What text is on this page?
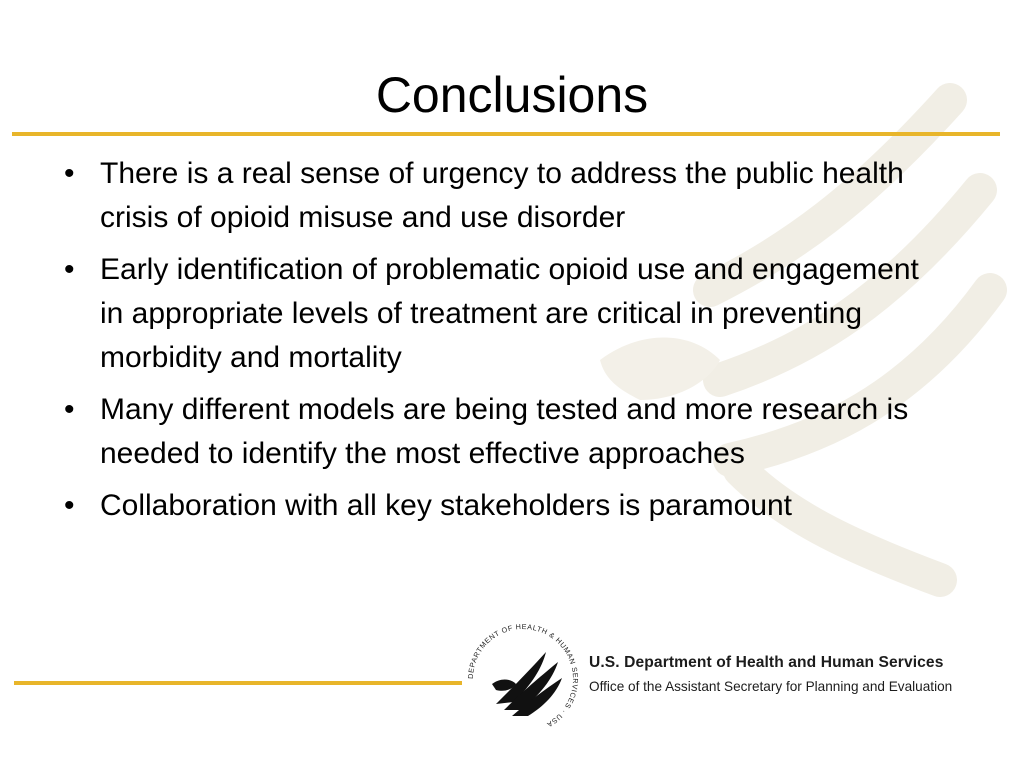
Conclusions
• There is a real sense of urgency to address the public health crisis of opioid misuse and use disorder
• Early identification of problematic opioid use and engagement in appropriate levels of treatment are critical in preventing morbidity and mortality
• Many different models are being tested and more research is needed to identify the most effective approaches
• Collaboration with all key stakeholders is paramount
DEPARTMENT OF HEALTH & HUMAN SERVICES · USA
U.S. Department of Health and Human Services
Office of the Assistant Secretary for Planning and Evaluation
